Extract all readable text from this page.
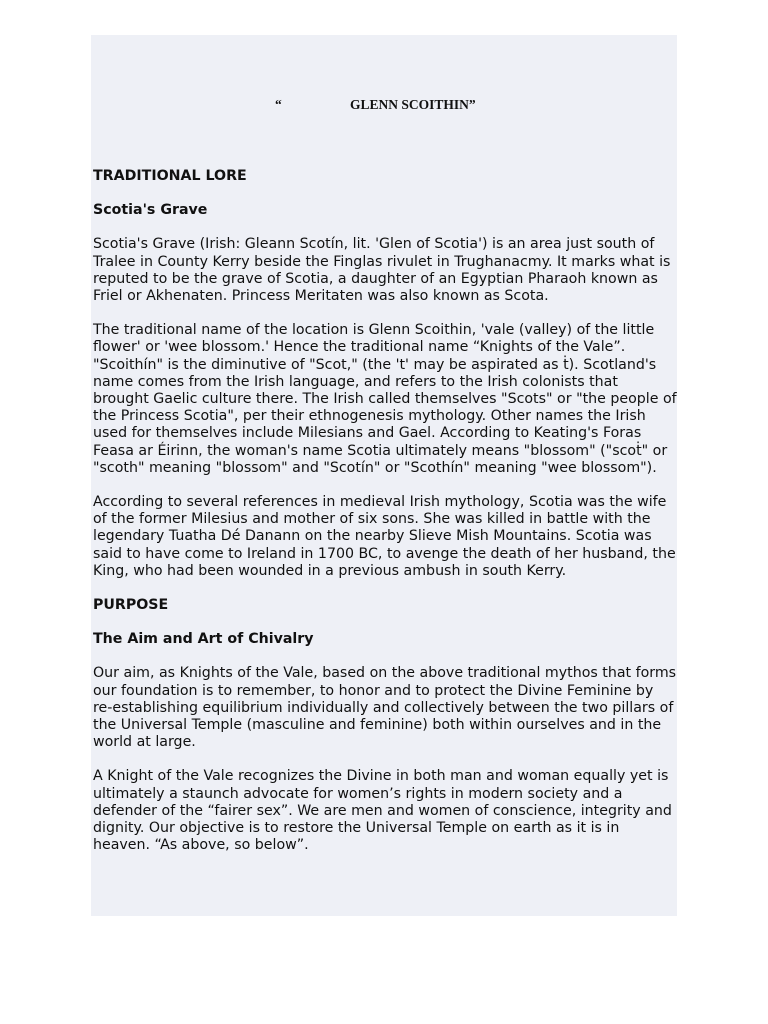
“	GLENN SCOITHIN”

TRADITIONAL LORE

Scotia's Grave

Scotia's Grave (Irish: Gleann Scotín, lit. 'Glen of Scotia') is an area just south of Tralee in County Kerry beside the Finglas rivulet in Trughanacmy. It marks what is reputed to be the grave of Scotia, a daughter of an Egyptian Pharaoh known as Friel or Akhenaten. Princess Meritaten was also known as Scota.

The traditional name of the location is Glenn Scoithin, 'vale (valley) of the little flower' or 'wee blossom.' Hence the traditional name “Knights of the Vale”. "Scoithín" is the diminutive of "Scot," (the 't' may be aspirated as ṫ). Scotland's name comes from the Irish language, and refers to the Irish colonists that brought Gaelic culture there. The Irish called themselves "Scots" or "the people of the Princess Scotia", per their ethnogenesis mythology. Other names the Irish used for themselves include Milesians and Gael. According to Keating's Foras Feasa ar Éirinn, the woman's name Scotia ultimately means "blossom" ("scoṫ" or "scoth" meaning "blossom" and "Scotín" or "Scothín" meaning "wee blossom").

According to several references in medieval Irish mythology, Scotia was the wife of the former Milesius and mother of six sons. She was killed in battle with the legendary Tuatha Dé Danann on the nearby Slieve Mish Mountains. Scotia was said to have come to Ireland in 1700 BC, to avenge the death of her husband, the King, who had been wounded in a previous ambush in south Kerry.

PURPOSE

The Aim and Art of Chivalry

Our aim, as Knights of the Vale, based on the above traditional mythos that forms our foundation is to remember, to honor and to protect the Divine Feminine by re-establishing equilibrium individually and collectively between the two pillars of the Universal Temple (masculine and feminine) both within ourselves and in the world at large.

A Knight of the Vale recognizes the Divine in both man and woman equally yet is ultimately a staunch advocate for women’s rights in modern society and a defender of the “fairer sex”. We are men and women of conscience, integrity and dignity. Our objective is to restore the Universal Temple on earth as it is in heaven. “As above, so below”.
